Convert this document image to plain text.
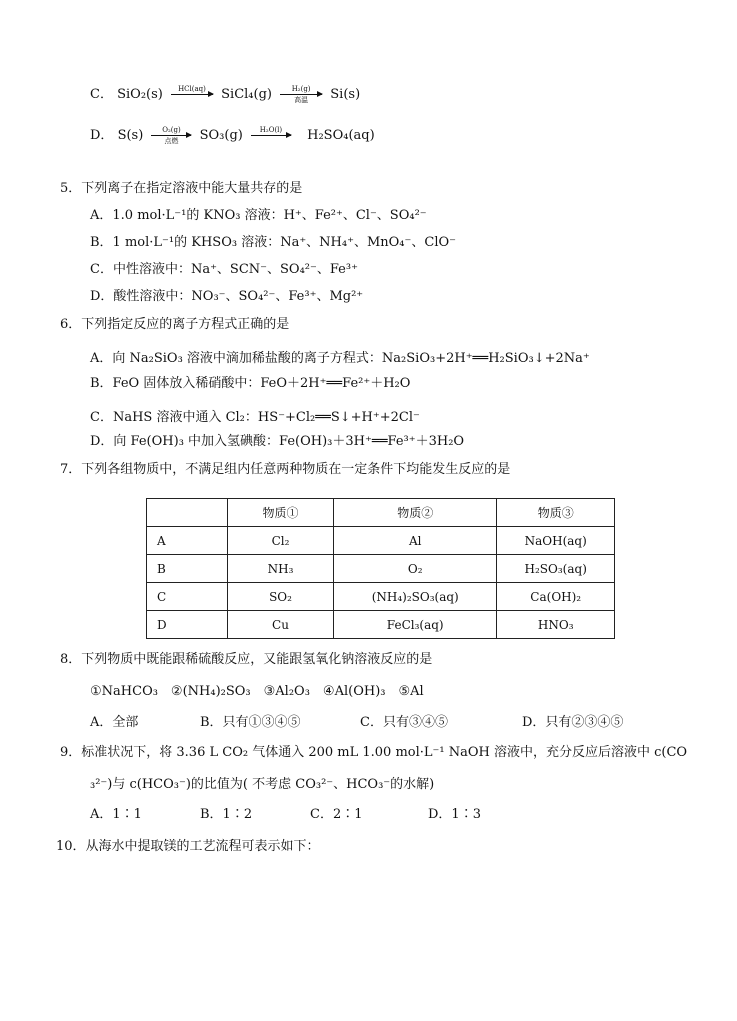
C． SiO₂(s)	HCl(aq)
	SiCl₄(g)	H₂(g)
高温	Si(s)
D． S(s)	O₂(g)
点燃	SO₃(g)	H₂O(l)
	H₂SO₄(aq)
5．下列离子在指定溶液中能大量共存的是
A．1.0 mol·L⁻¹的 KNO₃ 溶液：H⁺、Fe²⁺、Cl⁻、SO₄²⁻
B．1 mol·L⁻¹的 KHSO₃ 溶液：Na⁺、NH₄⁺、MnO₄⁻、ClO⁻
C．中性溶液中：Na⁺、SCN⁻、SO₄²⁻、Fe³⁺
D．酸性溶液中：NO₃⁻、SO₄²⁻、Fe³⁺、Mg²⁺
6．下列指定反应的离子方程式正确的是
A．向 Na₂SiO₃ 溶液中滴加稀盐酸的离子方程式：Na₂SiO₃+2H⁺══H₂SiO₃↓+2Na⁺
B．FeO 固体放入稀硝酸中：FeO＋2H⁺══Fe²⁺＋H₂O
C．NaHS 溶液中通入 Cl₂：HS⁻+Cl₂══S↓+H⁺+2Cl⁻
D．向 Fe(OH)₃ 中加入氢碘酸：Fe(OH)₃＋3H⁺══Fe³⁺＋3H₂O
7．下列各组物质中，不满足组内任意两种物质在一定条件下均能发生反应的是
	物质①	物质②	物质③
A	Cl₂	Al	NaOH(aq)
B	NH₃	O₂	H₂SO₃(aq)
C	SO₂	(NH₄)₂SO₃(aq)	Ca(OH)₂
D	Cu	FeCl₃(aq)	HNO₃
8．下列物质中既能跟稀硫酸反应，又能跟氢氧化钠溶液反应的是
①NaHCO₃　②(NH₄)₂SO₃　③Al₂O₃　④Al(OH)₃　⑤Al
A．全部	B．只有①③④⑤	C．只有③④⑤	D．只有②③④⑤
9．标准状况下，将 3.36 L CO₂ 气体通入 200 mL 1.00 mol·L⁻¹ NaOH 溶液中，充分反应后溶液中 c(CO
₃²⁻)与 c(HCO₃⁻)的比值为( 不考虑 CO₃²⁻、HCO₃⁻的水解)
A．1∶1	B．1∶2	C．2∶1	D．1∶3
10．从海水中提取镁的工艺流程可表示如下：
